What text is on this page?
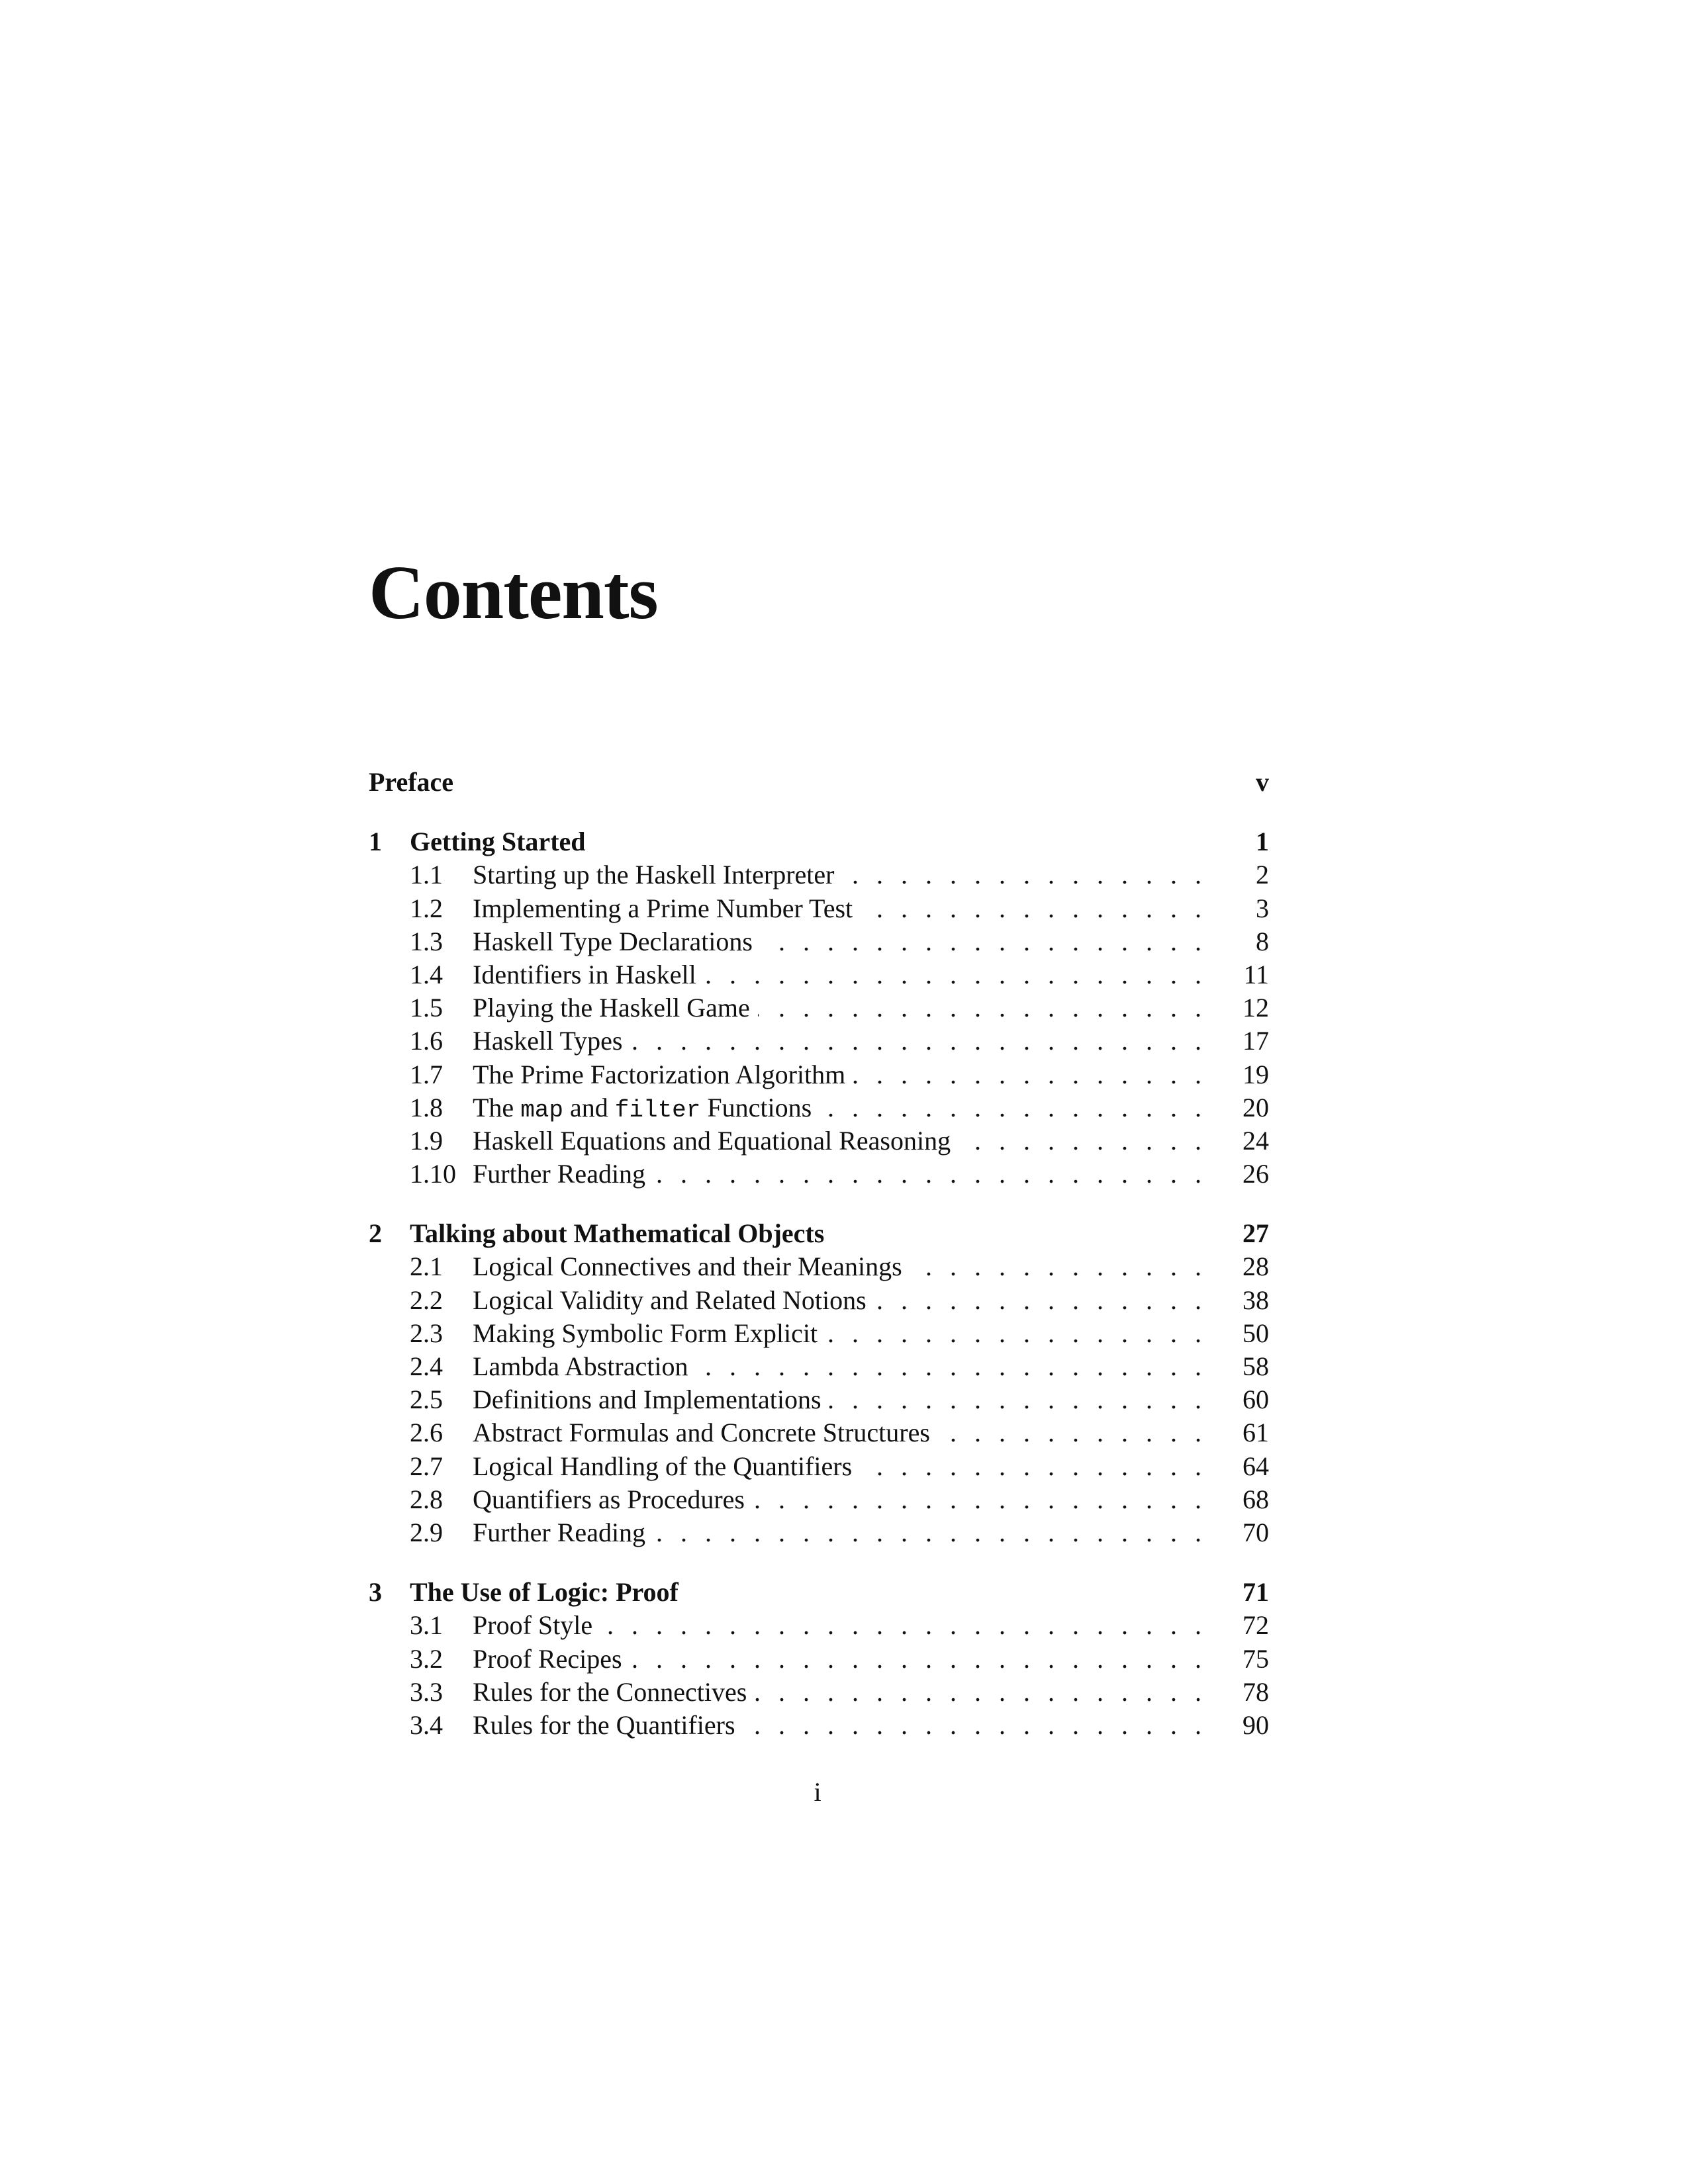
Contents
Preface	v
1 Getting Started	1
1.1 Starting up the Haskell Interpreter . . .	2
1.2 Implementing a Prime Number Test . . .	3
1.3 Haskell Type Declarations . . .	8
1.4 Identifiers in Haskell . . .	11
1.5 Playing the Haskell Game . . .	12
1.6 Haskell Types . . .	17
1.7 The Prime Factorization Algorithm . . .	19
1.8 The map and filter Functions . . .	20
1.9 Haskell Equations and Equational Reasoning . . .	24
1.10 Further Reading . . .	26
2 Talking about Mathematical Objects	27
2.1 Logical Connectives and their Meanings . . .	28
2.2 Logical Validity and Related Notions . . .	38
2.3 Making Symbolic Form Explicit . . .	50
2.4 Lambda Abstraction . . .	58
2.5 Definitions and Implementations . . .	60
2.6 Abstract Formulas and Concrete Structures . . .	61
2.7 Logical Handling of the Quantifiers . . .	64
2.8 Quantifiers as Procedures . . .	68
2.9 Further Reading . . .	70
3 The Use of Logic: Proof	71
3.1 Proof Style . . .	72
3.2 Proof Recipes . . .	75
3.3 Rules for the Connectives . . .	78
3.4 Rules for the Quantifiers . . .	90
i
